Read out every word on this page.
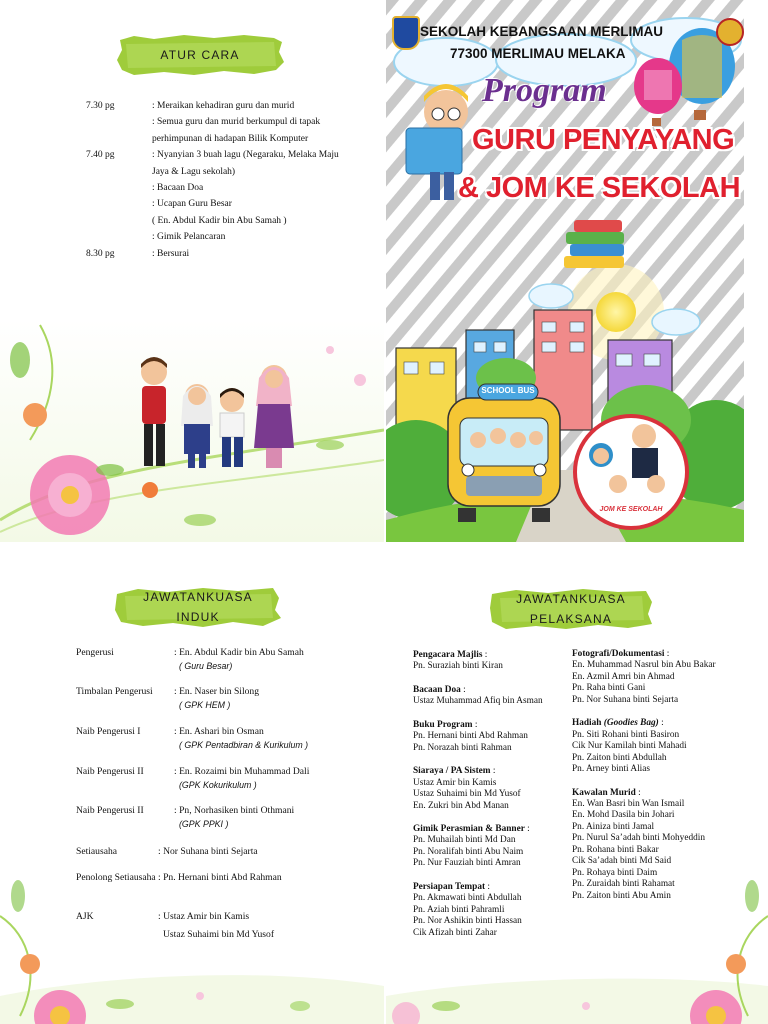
ATUR CARA
7.30 pg	: Meraikan kehadiran guru dan murid
: Semua guru dan murid berkumpul di tapak
perhimpunan di hadapan Bilik Komputer
7.40 pg	: Nyanyian 3 buah lagu (Negaraku, Melaka Maju
Jaya & Lagu sekolah)
: Bacaan Doa
: Ucapan Guru Besar
( En. Abdul Kadir bin Abu Samah )
: Gimik Pelancaran
8.30 pg	: Bersurai
SEKOLAH KEBANGSAAN MERLIMAU
77300 MERLIMAU MELAKA
Program
GURU PENYAYANG
& JOM KE SEKOLAH
SCHOOL BUS
JOM KE SEKOLAH
JAWATANKUASA
INDUK
Pengerusi	: En. Abdul Kadir bin Abu Samah
( Guru Besar)
Timbalan Pengerusi	: En. Naser bin Silong
( GPK HEM )
Naib Pengerusi I	: En. Ashari bin Osman
( GPK Pentadbiran & Kurikulum )
Naib Pengerusi II	: En. Rozaimi bin Muhammad Dali
(GPK Kokurikulum )
Naib Pengerusi II	: Pn, Norhasiken binti Othmani
(GPK PPKI )
Setiausaha	: Nor Suhana binti Sejarta
Penolong Setiausaha : Pn. Hernani binti Abd Rahman
AJK	: Ustaz Amir bin Kamis
Ustaz Suhaimi bin Md Yusof
JAWATANKUASA
PELAKSANA
Pengacara Majlis :
Pn. Suraziah binti Kiran
Bacaan Doa :
Ustaz Muhammad Afiq bin Asman
Buku Program :
Pn. Hernani binti Abd Rahman
Pn. Norazah binti Rahman
Siaraya / PA Sistem :
Ustaz Amir bin Kamis
Ustaz Suhaimi bin Md Yusof
En. Zukri bin Abd Manan
Gimik Perasmian & Banner :
Pn. Muhailah binti Md Dan
Pn. Noralifah binti Abu Naim
Pn. Nur Fauziah binti Amran
Persiapan Tempat :
Pn. Akmawati binti Abdullah
Pn. Aziah binti Pahramli
Pn. Nor Ashikin binti Hassan
Cik Afizah binti Zahar
Fotografi/Dokumentasi :
En. Muhammad Nasrul bin Abu Bakar
En. Azmil Amri bin Ahmad
Pn. Raha binti Gani
Pn. Nor Suhana binti Sejarta
Hadiah (Goodies Bag) :
Pn. Siti Rohani binti Basiron
Cik Nur Kamilah binti Mahadi
Pn. Zaiton binti Abdullah
Pn. Arney binti Alias
Kawalan Murid :
En. Wan Basri bin Wan Ismail
En. Mohd Dasila bin Johari
Pn. Ainiza binti Jamal
Pn. Nurul Sa’adah binti Mohyeddin
Pn. Rohana binti Bakar
Cik Sa’adah binti Md Said
Pn. Rohaya binti Daim
Pn. Zuraidah binti Rahamat
Pn. Zaiton binti Abu Amin
